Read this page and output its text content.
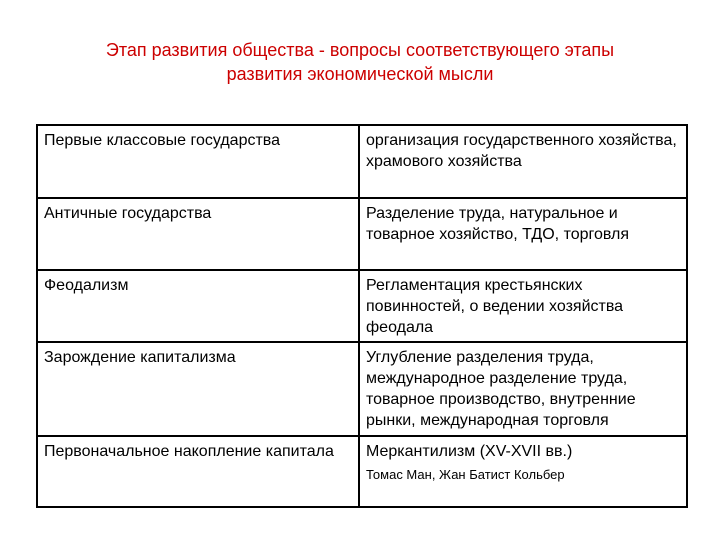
Этап развития общества - вопросы соответствующего этапы
развития экономической мысли
Первые классовые государства	организация государственного хозяйства, храмового хозяйства
Античные государства	Разделение труда, натуральное и товарное хозяйство, ТДО, торговля
Феодализм	Регламентация крестьянских повинностей, о ведении хозяйства феодала
Зарождение капитализма	Углубление разделения труда, международное разделение труда, товарное производство, внутренние рынки, международная торговля
Первоначальное накопление капитала	Меркантилизм (XV-XVII вв.)
Томас Ман, Жан Батист Кольбер
